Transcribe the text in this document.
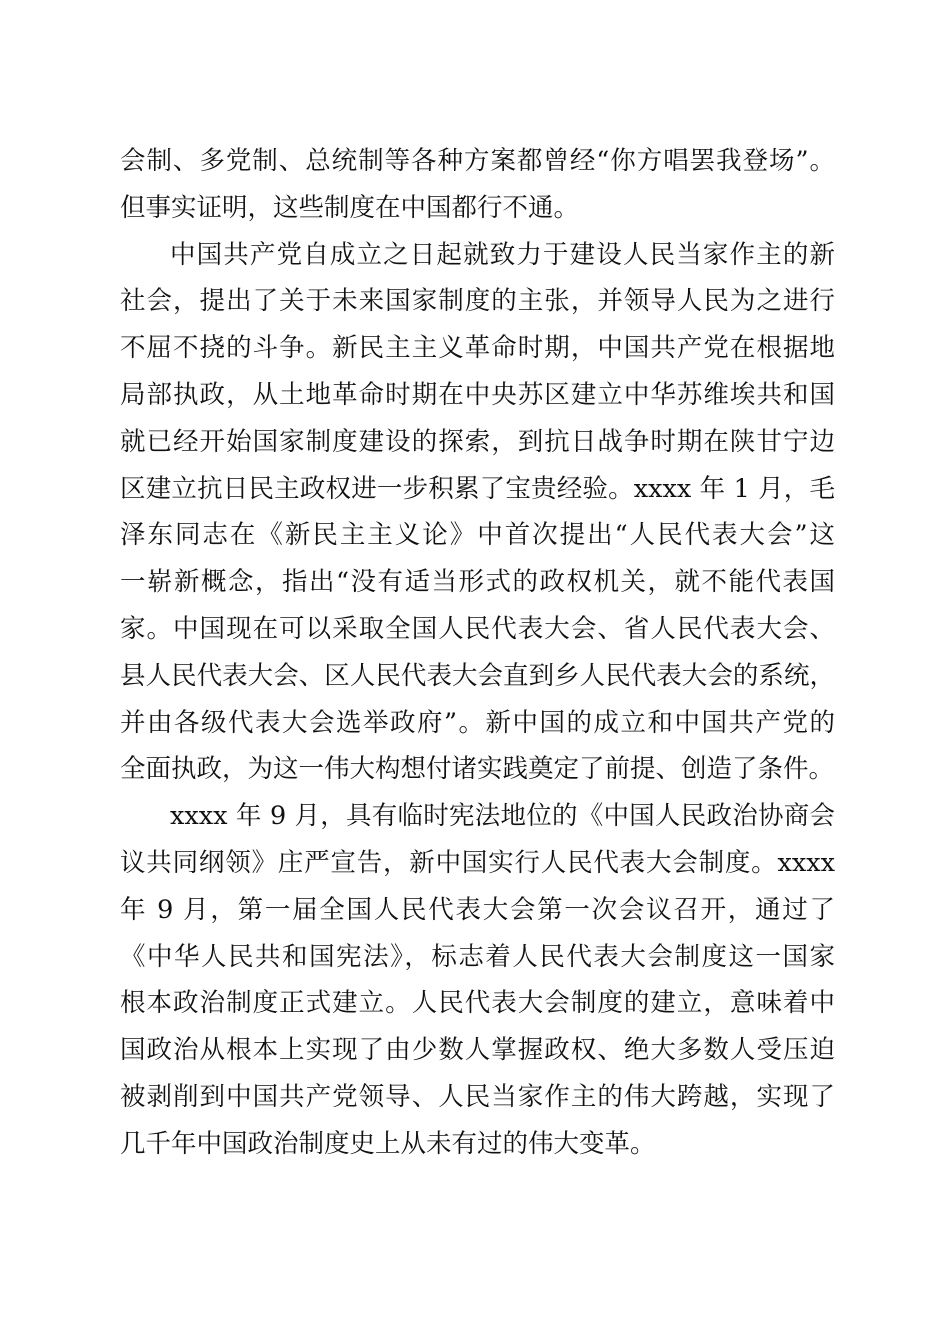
会制、多党制、总统制等各种方案都曾经“你方唱罢我登场”。
但事实证明，这些制度在中国都行不通。
中国共产党自成立之日起就致力于建设人民当家作主的新
社会，提出了关于未来国家制度的主张，并领导人民为之进行
不屈不挠的斗争。新民主主义革命时期，中国共产党在根据地
局部执政，从土地革命时期在中央苏区建立中华苏维埃共和国
就已经开始国家制度建设的探索，到抗日战争时期在陕甘宁边
区建立抗日民主政权进一步积累了宝贵经验。xxxx 年 1 月，毛
泽东同志在《新民主主义论》中首次提出“人民代表大会”这
一崭新概念，指出“没有适当形式的政权机关，就不能代表国
家。中国现在可以采取全国人民代表大会、省人民代表大会、
县人民代表大会、区人民代表大会直到乡人民代表大会的系统，
并由各级代表大会选举政府”。新中国的成立和中国共产党的
全面执政，为这一伟大构想付诸实践奠定了前提、创造了条件。
xxxx 年 9 月，具有临时宪法地位的《中国人民政治协商会
议共同纲领》庄严宣告，新中国实行人民代表大会制度。xxxx
年 9 月，第一届全国人民代表大会第一次会议召开，通过了
《中华人民共和国宪法》，标志着人民代表大会制度这一国家
根本政治制度正式建立。人民代表大会制度的建立，意味着中
国政治从根本上实现了由少数人掌握政权、绝大多数人受压迫
被剥削到中国共产党领导、人民当家作主的伟大跨越，实现了
几千年中国政治制度史上从未有过的伟大变革。
